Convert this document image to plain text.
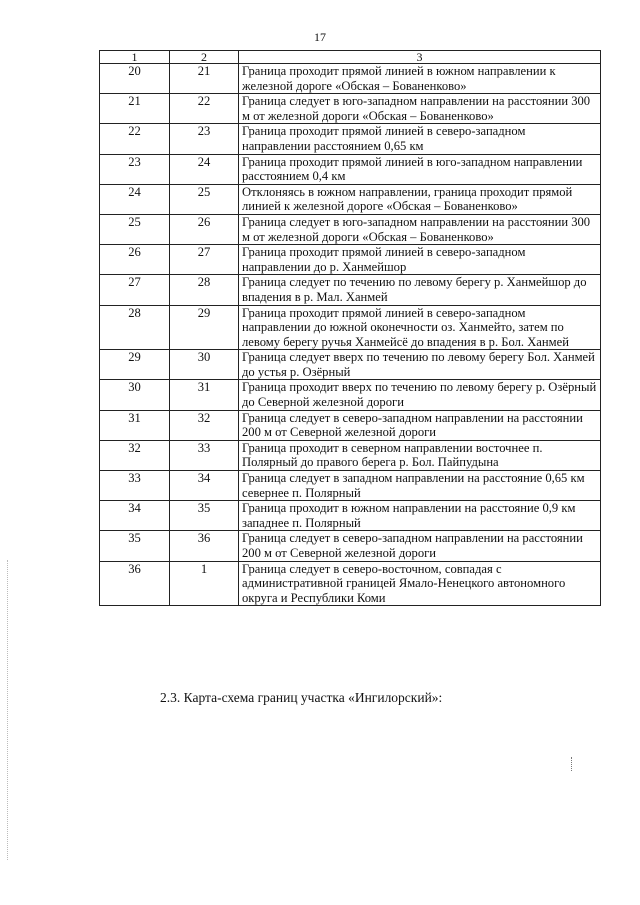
17
1	2	3
20	21	Граница проходит прямой линией в южном направлении к железной дороге «Обская – Бованенково»
21	22	Граница следует в юго-западном направлении на расстоянии 300 м от железной дороги «Обская – Бованенково»
22	23	Граница проходит прямой линией в северо-западном направлении расстоянием 0,65 км
23	24	Граница проходит прямой линией в юго-западном направлении расстоянием 0,4 км
24	25	Отклоняясь в южном направлении, граница проходит прямой линией к железной дороге «Обская – Бованенково»
25	26	Граница следует в юго-западном направлении на расстоянии 300 м от железной дороги «Обская – Бованенково»
26	27	Граница проходит прямой линией в северо-западном направлении до р. Ханмейшор
27	28	Граница следует по течению по левому берегу р. Ханмейшор до впадения в р. Мал. Ханмей
28	29	Граница проходит прямой линией в северо-западном направлении до южной оконечности оз. Ханмейто, затем по левому берегу ручья Ханмейсё до впадения в р. Бол. Ханмей
29	30	Граница следует вверх по течению по левому берегу Бол. Ханмей до устья р. Озёрный
30	31	Граница проходит вверх по течению по левому берегу р. Озёрный до Северной железной дороги
31	32	Граница следует в северо-западном направлении на расстоянии 200 м от Северной железной дороги
32	33	Граница проходит в северном направлении восточнее п. Полярный до правого берега р. Бол. Пайпудына
33	34	Граница следует в западном направлении на расстояние 0,65 км севернее п. Полярный
34	35	Граница проходит в южном направлении на расстояние 0,9 км западнее п. Полярный
35	36	Граница следует в северо-западном направлении на расстоянии 200 м от Северной железной дороги
36	1	Граница следует в северо-восточном, совпадая с административной границей Ямало-Ненецкого автономного округа и Республики Коми
2.3. Карта-схема границ участка «Ингилорский»:
